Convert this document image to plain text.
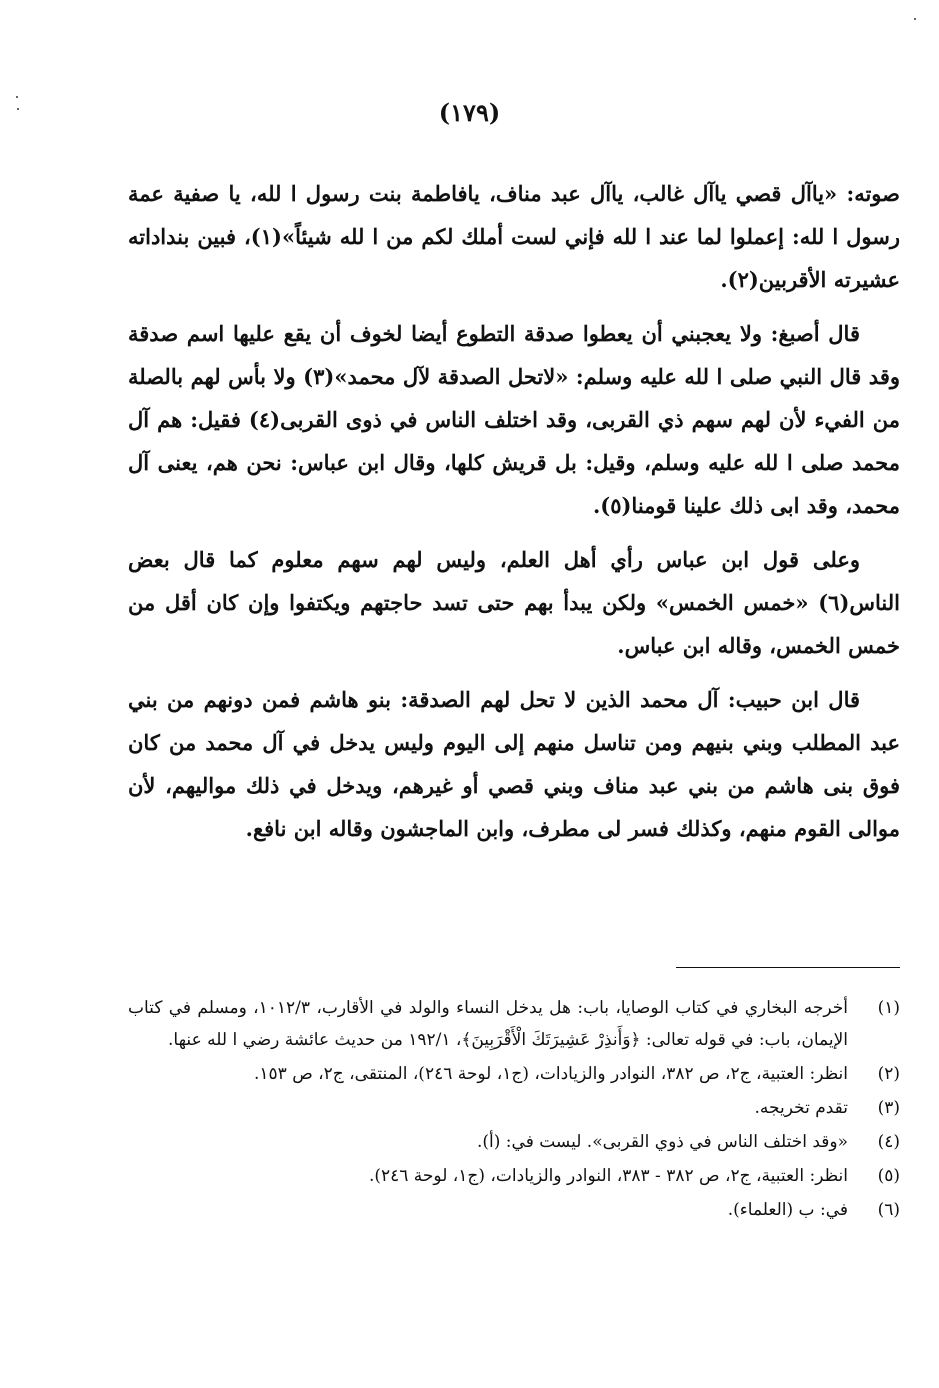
(١٧٩)

صوته: «ياآل قصي ياآل غالب، ياآل عبد مناف، يافاطمة بنت رسول ا لله، يا صفية عمة رسول ا لله: إعملوا لما عند ا لله فإني لست أملك لكم من ا لله شيئاً»(١)، فبين بنداداته عشيرته الأقربين(٢).

قال أصبغ: ولا يعجبني أن يعطوا صدقة التطوع أيضا لخوف أن يقع عليها اسم صدقة وقد قال النبي صلى ا لله عليه وسلم: «لاتحل الصدقة لآل محمد»(٣) ولا بأس لهم بالصلة من الفيء لأن لهم سهم ذي القربى، وقد اختلف الناس في ذوى القربى(٤) فقيل: هم آل محمد صلى ا لله عليه وسلم، وقيل: بل قريش كلها، وقال ابن عباس: نحن هم، يعنى آل محمد، وقد ابى ذلك علينا قومنا(٥).

وعلى قول ابن عباس رأي أهل العلم، وليس لهم سهم معلوم كما قال بعض الناس(٦) «خمس الخمس» ولكن يبدأ بهم حتى تسد حاجتهم ويكتفوا وإن كان أقل من خمس الخمس، وقاله ابن عباس.

قال ابن حبيب: آل محمد الذين لا تحل لهم الصدقة: بنو هاشم فمن دونهم من بني عبد المطلب وبني بنيهم ومن تناسل منهم إلى اليوم وليس يدخل في آل محمد من كان فوق بنى هاشم من بني عبد مناف وبني قصي أو غيرهم، ويدخل في ذلك مواليهم، لأن موالى القوم منهم، وكذلك فسر لى مطرف، وابن الماجشون وقاله ابن نافع.

(١)
أخرجه البخاري في كتاب الوصايا، باب: هل يدخل النساء والولد في الأقارب، ١٠١٢/٣، ومسلم في كتاب الإيمان، باب: في قوله تعالى: ﴿وَأَنذِرْ عَشِيرَتَكَ الْأَقْرَبِينَ﴾، ١٩٢/١ من حديث عائشة رضي ا لله عنها.
(٢)
انظر: العتبية، ج٢، ص ٣٨٢، النوادر والزيادات، (ج١، لوحة ٢٤٦)، المنتقى، ج٢، ص ١٥٣.
(٣)
تقدم تخريجه.
(٤)
«وقد اختلف الناس في ذوي القربى». ليست في: (أ).
(٥)
انظر: العتبية، ج٢، ص ٣٨٢ - ٣٨٣، النوادر والزيادات، (ج١، لوحة ٢٤٦).
(٦)
في: ب (العلماء).
